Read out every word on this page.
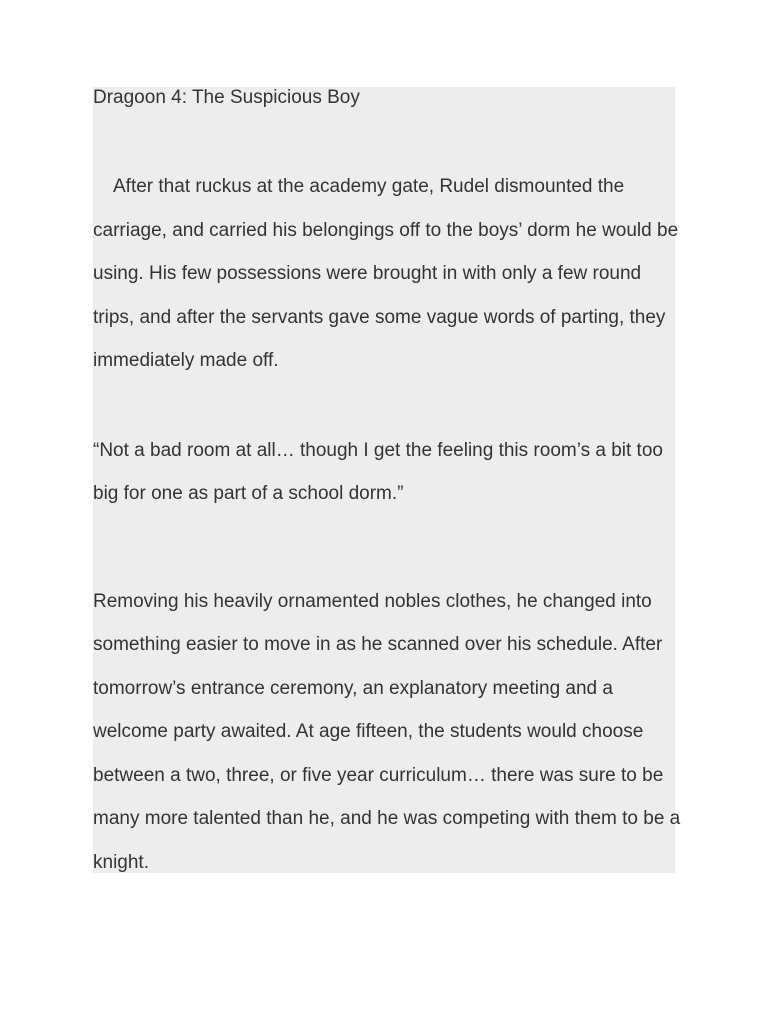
Dragoon 4: The Suspicious Boy
After that ruckus at the academy gate, Rudel dismounted the
carriage, and carried his belongings off to the boys’ dorm he would be
using. His few possessions were brought in with only a few round
trips, and after the servants gave some vague words of parting, they
immediately made off.
“Not a bad room at all… though I get the feeling this room’s a bit too
big for one as part of a school dorm.”
Removing his heavily ornamented nobles clothes, he changed into
something easier to move in as he scanned over his schedule. After
tomorrow’s entrance ceremony, an explanatory meeting and a
welcome party awaited. At age fifteen, the students would choose
between a two, three, or five year curriculum… there was sure to be
many more talented than he, and he was competing with them to be a
knight.
